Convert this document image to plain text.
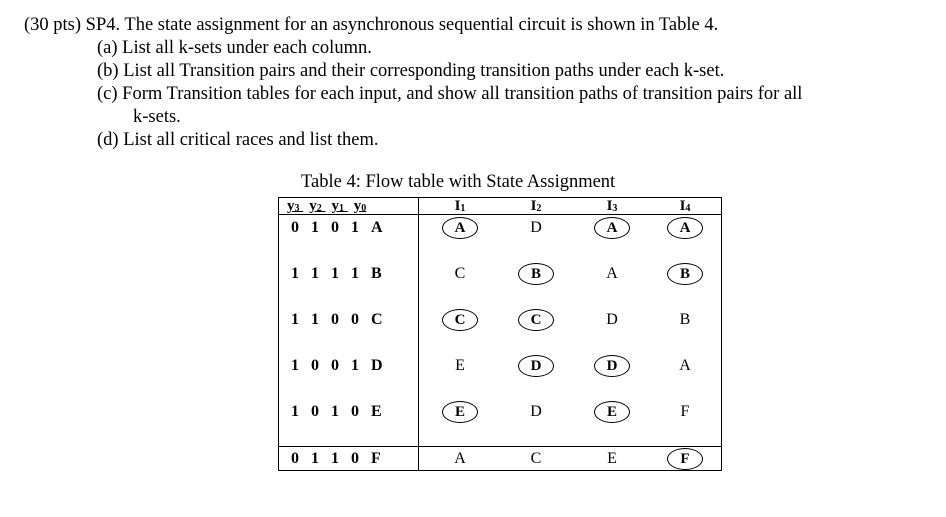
(30 pts) SP4. The state assignment for an asynchronous sequential circuit is shown in Table 4.
(a) List all k-sets under each column.
(b) List all Transition pairs and their corresponding transition paths under each k-set.
(c) Form Transition tables for each input, and show all transition paths of transition pairs for all
k-sets.
(d) List all critical races and list them.
Table 4: Flow table with State Assignment
$y_3$ $y_2$ $y_1$ $y_0$	$I_1$	$I_2$	$I_3$	$I_4$
0 1 0 1 A	A	D	A	A
1 1 1 1 B	C	B	A	B
1 1 0 0 C	C	C	D	B
1 0 0 1 D	E	D	D	A
1 0 1 0 E	E	D	E	F
0 1 1 0 F	A	C	E	F
